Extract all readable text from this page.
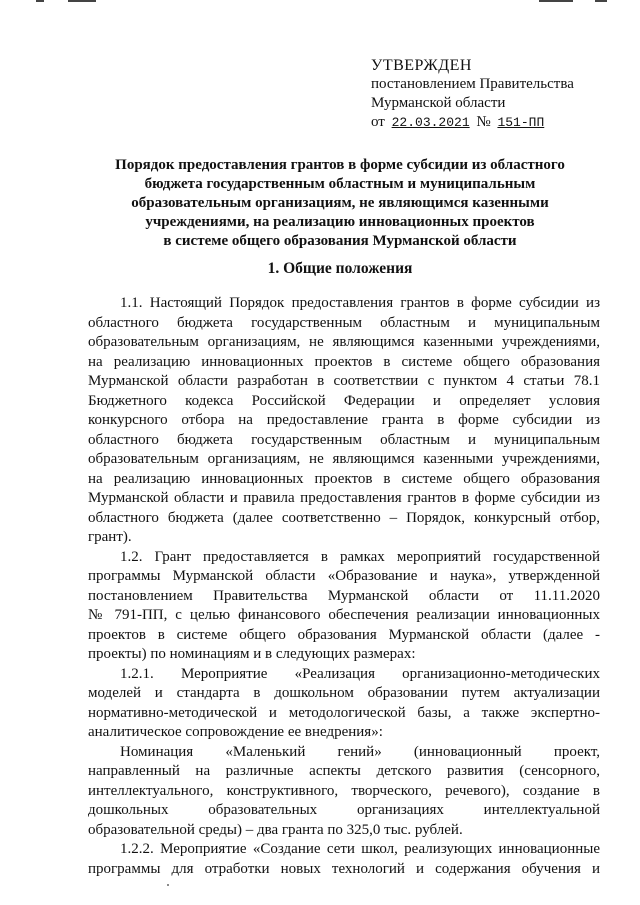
УТВЕРЖДЕН
постановлением Правительства
Мурманской области
от 22.03.2021 № 151-ПП
Порядок предоставления грантов в форме субсидии из областного
бюджета государственным областным и муниципальным
образовательным организациям, не являющимся казенными
учреждениями, на реализацию инновационных проектов
в системе общего образования Мурманской области
1. Общие положения
1.1. Настоящий Порядок предоставления грантов в форме субсидии из
областного бюджета государственным областным и муниципальным
образовательным организациям, не являющимся казенными учреждениями,
на реализацию инновационных проектов в системе общего образования
Мурманской области разработан в соответствии с пунктом 4 статьи 78.1
Бюджетного кодекса Российской Федерации и определяет условия
конкурсного отбора на предоставление гранта в форме субсидии из
областного бюджета государственным областным и муниципальным
образовательным организациям, не являющимся казенными учреждениями,
на реализацию инновационных проектов в системе общего образования
Мурманской области и правила предоставления грантов в форме субсидии из
областного бюджета (далее соответственно – Порядок, конкурсный отбор,
грант).
1.2. Грант предоставляется в рамках мероприятий государственной
программы Мурманской области «Образование и наука», утвержденной
постановлением Правительства Мурманской области от 11.11.2020
№ 791-ПП, с целью финансового обеспечения реализации инновационных
проектов в системе общего образования Мурманской области (далее -
проекты) по номинациям и в следующих размерах:
1.2.1. Мероприятие «Реализация организационно-методических
моделей и стандарта в дошкольном образовании путем актуализации
нормативно-методической и методологической базы, а также экспертно-
аналитическое сопровождение ее внедрения»:
Номинация «Маленький гений» (инновационный проект,
направленный на различные аспекты детского развития (сенсорного,
интеллектуального, конструктивного, творческого, речевого), создание в
дошкольных образовательных организациях интеллектуальной
образовательной среды) – два гранта по 325,0 тыс. рублей.
1.2.2. Мероприятие «Создание сети школ, реализующих инновационные
программы для отработки новых технологий и содержания обучения и
